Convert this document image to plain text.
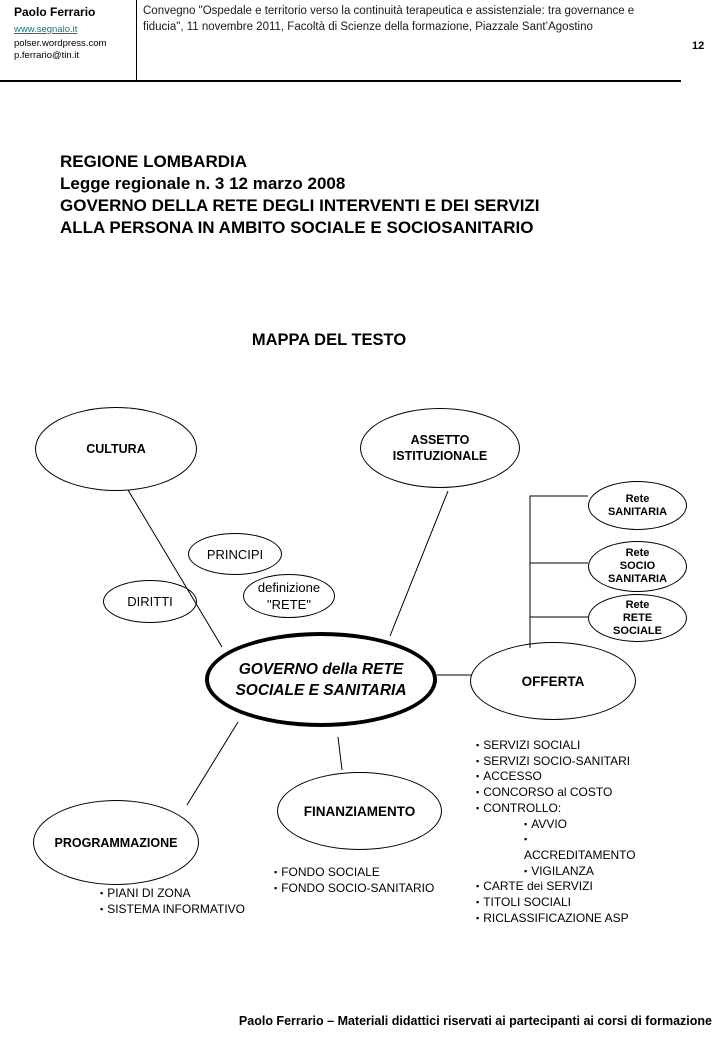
Paolo Ferrario
www.segnalo.it
polser.wordpress.com
p.ferrario@tin.it
Convegno "Ospedale e territorio verso la continuità terapeutica e assistenziale: tra governance e fiducia", 11 novembre 2011, Facoltà di Scienze della formazione, Piazzale Sant’Agostino
12
REGIONE LOMBARDIA
Legge regionale n. 3 12 marzo 2008
GOVERNO DELLA RETE DEGLI INTERVENTI E DEI SERVIZI
ALLA PERSONA IN AMBITO SOCIALE E SOCIOSANITARIO
MAPPA DEL TESTO
CULTURA
ASSETTO
ISTITUZIONALE
Rete
SANITARIA
Rete
SOCIO
SANITARIA
Rete
RETE
SOCIALE
PRINCIPI
DIRITTI
definizione
"RETE"
GOVERNO della RETE
SOCIALE E SANITARIA
OFFERTA
PROGRAMMAZIONE
FINANZIAMENTO
▪ PIANI DI ZONA
▪ SISTEMA INFORMATIVO
▪ FONDO SOCIALE
▪ FONDO SOCIO-SANITARIO
▪ SERVIZI SOCIALI
▪ SERVIZI SOCIO-SANITARI
▪ ACCESSO
▪ CONCORSO al COSTO
▪ CONTROLLO:
▪ AVVIO
▪
ACCREDITAMENTO
▪ VIGILANZA
▪ CARTE dei SERVIZI
▪ TITOLI SOCIALI
▪ RICLASSIFICAZIONE ASP
Paolo Ferrario – Materiali didattici riservati ai partecipanti ai corsi di formazione
